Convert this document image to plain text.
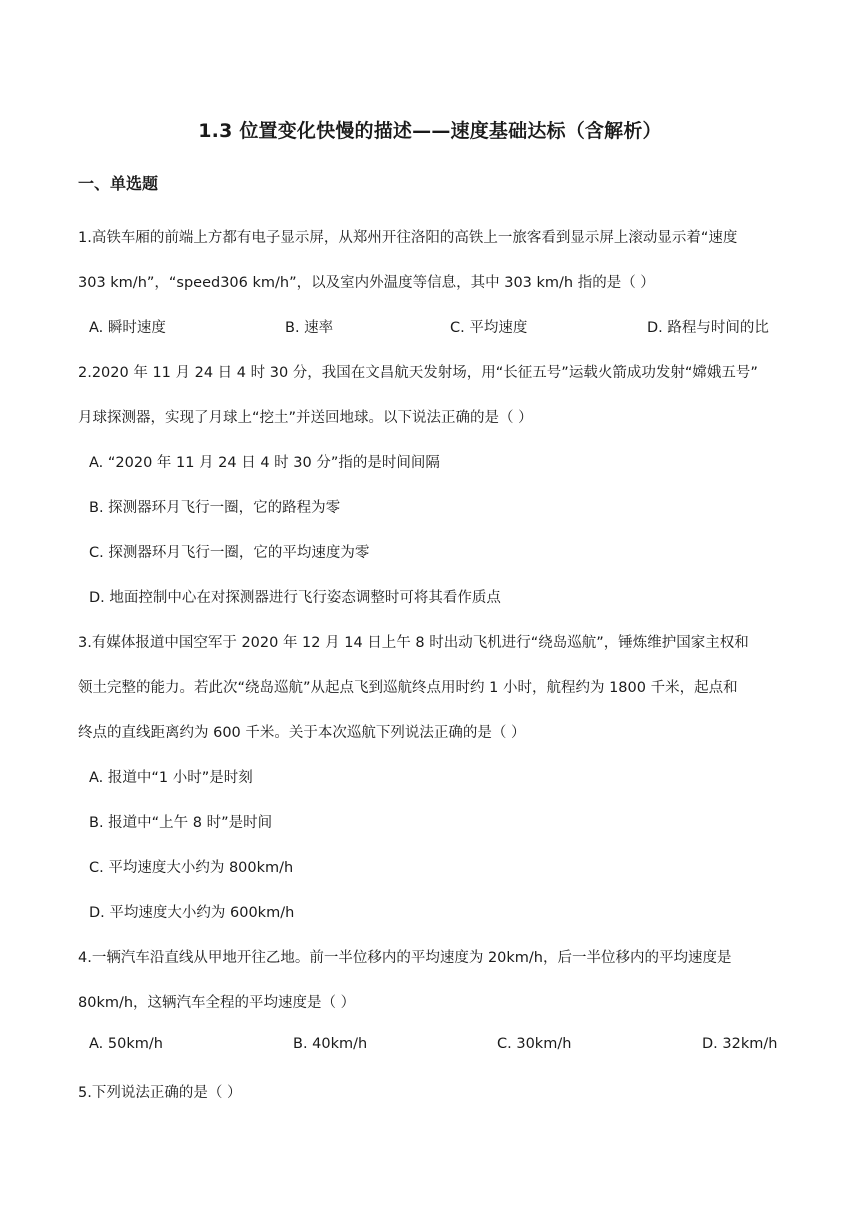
1.3 位置变化快慢的描述——速度基础达标（含解析）
一、单选题
1.高铁车厢的前端上方都有电子显示屏，从郑州开往洛阳的高铁上一旅客看到显示屏上滚动显示着“速度
303 km/h”，“speed306 km/h”，以及室内外温度等信息，其中 303 km/h 指的是（ ）
A. 瞬时速度	B. 速率	C. 平均速度	D. 路程与时间的比
2.2020 年 11 月 24 日 4 时 30 分，我国在文昌航天发射场，用“长征五号”运载火箭成功发射“嫦娥五号”
月球探测器，实现了月球上“挖土”并送回地球。以下说法正确的是（ ）
A. “2020 年 11 月 24 日 4 时 30 分”指的是时间间隔
B. 探测器环月飞行一圈，它的路程为零
C. 探测器环月飞行一圈，它的平均速度为零
D. 地面控制中心在对探测器进行飞行姿态调整时可将其看作质点
3.有媒体报道中国空军于 2020 年 12 月 14 日上午 8 时出动飞机进行“绕岛巡航”，锤炼维护国家主权和
领土完整的能力。若此次“绕岛巡航”从起点飞到巡航终点用时约 1 小时，航程约为 1800 千米，起点和
终点的直线距离约为 600 千米。关于本次巡航下列说法正确的是（ ）
A. 报道中“1 小时”是时刻
B. 报道中“上午 8 时”是时间
C. 平均速度大小约为 800km/h
D. 平均速度大小约为 600km/h
4.一辆汽车沿直线从甲地开往乙地。前一半位移内的平均速度为 20km/h，后一半位移内的平均速度是
80km/h，这辆汽车全程的平均速度是（ ）
A. 50km/h	B. 40km/h	C. 30km/h	D. 32km/h
5.下列说法正确的是（ ）
